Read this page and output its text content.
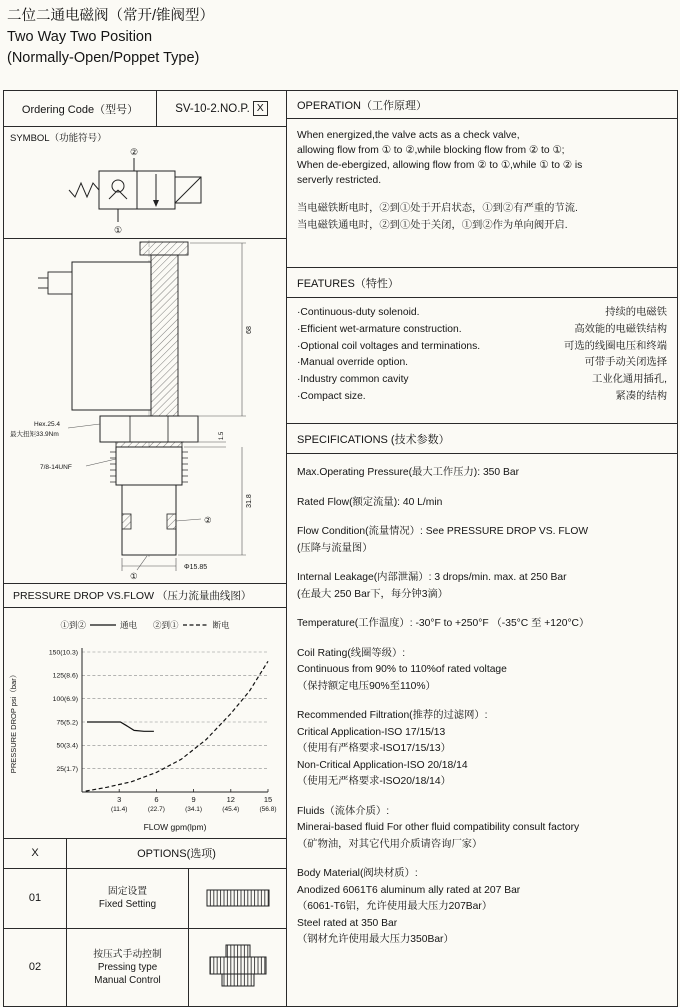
二位二通电磁阀（常开/锥阀型）
Two Way Two Position
(Normally-Open/Poppet Type)
Ordering Code（型号）	SV-10-2.NO.P. X
SYMBOL（功能符号）
②
①
68
1.5
31.8
Φ15.85
Hex.25.4
最大扭矩33.9Nm
7/8-14UNF
②
①
PRESSURE DROP VS.FLOW （压力流量曲线图）
①到②	通电 ②到①	断电
PRESSURE DROP psi（bar）
FLOW gpm(lpm)
150(10.3)
125(8.6)
100(6.9)
75(5.2)
50(3.4)
25(1.7)
3
(11.4)
6
(22.7)
9
(34.1)
12
(45.4)
15
(56.8)
X	OPTIONS(选项)
01
固定设置
Fixed Setting
02
按压式手动控制
Pressing type
Manual Control
OPERATION（工作原理）
When energized,the valve acts as a check valve,
allowing flow from ① to ②,while blocking flow from ② to ①;
When de-ebergized, allowing flow from ② to ①,while ① to ② is
serverly restricted.
当电磁铁断电时，②到①处于开启状态，①到②有严重的节流.
当电磁铁通电时，②到①处于关闭，①到②作为单向阀开启.
FEATURES（特性）
·Continuous-duty solenoid.	持续的电磁铁
·Efficient wet-armature construction.	高效能的电磁铁结构
·Optional coil voltages and terminations.	可选的线圈电压和终端
·Manual override option.	可带手动关闭选择
·Industry common cavity	工业化通用插孔,
·Compact size.	紧凑的结构
SPECIFICATIONS (技术参数）
Max.Operating Pressure(最大工作压力): 350 Bar
Rated Flow(额定流量): 40 L/min
Flow Condition(流量情况）: See PRESSURE DROP VS. FLOW
(压降与流量图）
Internal Leakage(内部泄漏）: 3 drops/min. max. at 250 Bar
(在最大 250 Bar下，每分钟3滴）
Temperature(工作温度）: -30°F to +250°F （-35°C 至 +120°C）
Coil Rating(线圈等级）:
Continuous from 90% to 110%of rated voltage
（保持额定电压90%至110%）
Recommended Filtration(推荐的过滤网）:
Critical Application-ISO 17/15/13
（使用有严格要求-ISO17/15/13）
Non-Critical Application-ISO 20/18/14
（使用无严格要求-ISO20/18/14）
Fluids（流体介质）:
Minerai-based fluid For other fluid compatibility consult factory
（矿物油，对其它代用介质请咨询厂家）
Body Material(阀块材质）:
Anodized 6061T6 aluminum ally rated at 207 Bar
（6061-T6铝，允许使用最大压力207Bar）
Steel rated at 350 Bar
（钢材允许使用最大压力350Bar）
